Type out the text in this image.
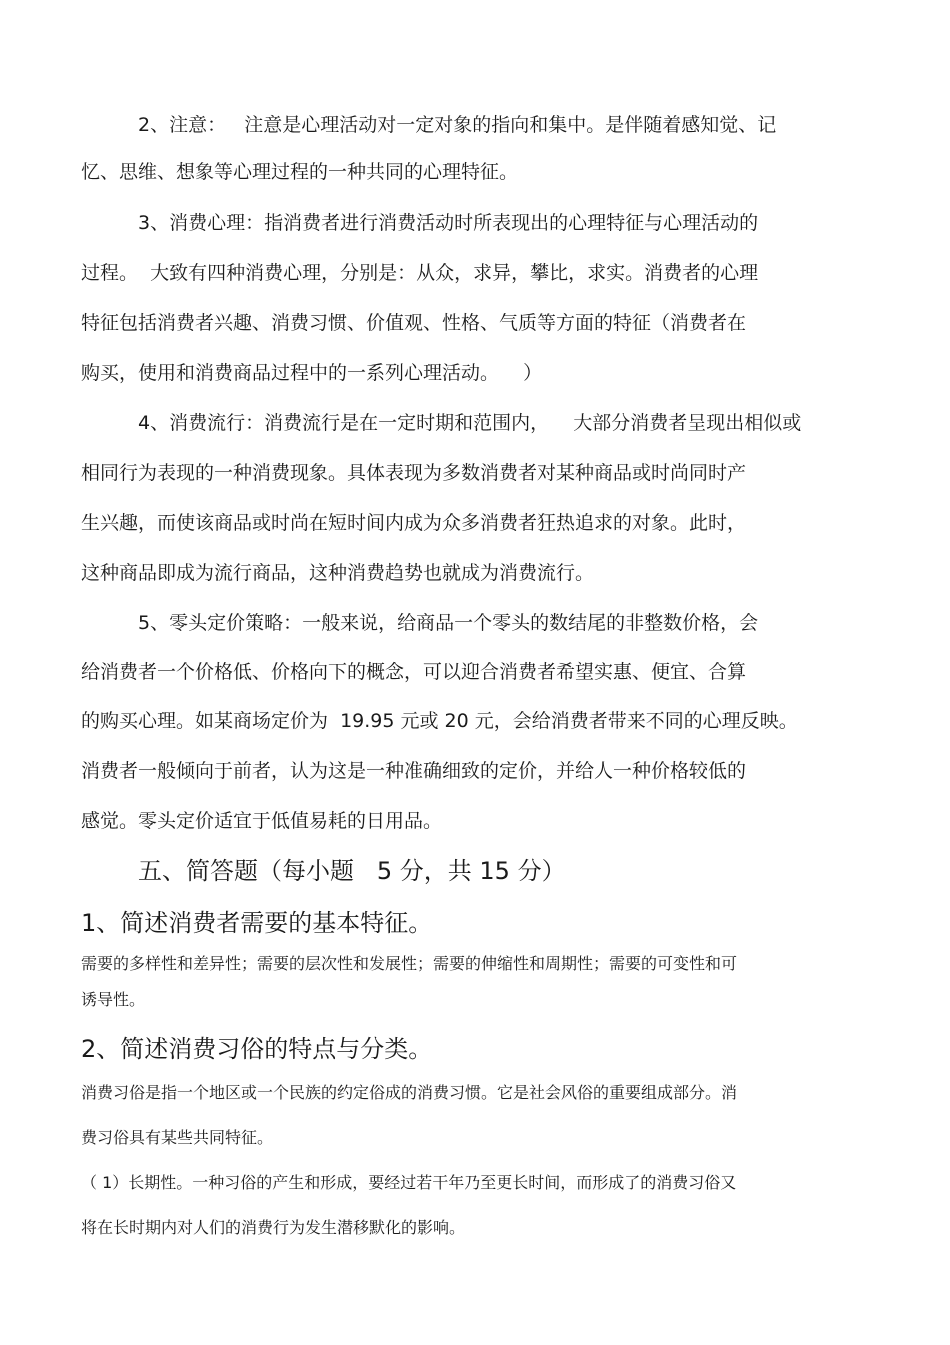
2、注意：   注意是心理活动对一定对象的指向和集中。是伴随着感知觉、记

忆、思维、想象等心理过程的一种共同的心理特征。

3、消费心理：指消费者进行消费活动时所表现出的心理特征与心理活动的

过程。  大致有四种消费心理，分别是：从众，求异，攀比，求实。消费者的心理

特征包括消费者兴趣、消费习惯、价值观、性格、气质等方面的特征（消费者在

购买，使用和消费商品过程中的一系列心理活动。    ）

4、消费流行：消费流行是在一定时期和范围内，    大部分消费者呈现出相似或

相同行为表现的一种消费现象。具体表现为多数消费者对某种商品或时尚同时产

生兴趣，而使该商品或时尚在短时间内成为众多消费者狂热追求的对象。此时，

这种商品即成为流行商品，这种消费趋势也就成为消费流行。

5、零头定价策略：一般来说，给商品一个零头的数结尾的非整数价格，会

给消费者一个价格低、价格向下的概念，可以迎合消费者希望实惠、便宜、合算

的购买心理。如某商场定价为  19.95 元或 20 元，会给消费者带来不同的心理反映。

消费者一般倾向于前者，认为这是一种准确细致的定价，并给人一种价格较低的

感觉。零头定价适宜于低值易耗的日用品。

五、简答题（每小题   5 分，共 15 分）

1、简述消费者需要的基本特征。

需要的多样性和差异性；需要的层次性和发展性；需要的伸缩性和周期性；需要的可变性和可

诱导性。

2、简述消费习俗的特点与分类。

消费习俗是指一个地区或一个民族的约定俗成的消费习惯。它是社会风俗的重要组成部分。消

费习俗具有某些共同特征。

（ 1）长期性。一种习俗的产生和形成，要经过若干年乃至更长时间，而形成了的消费习俗又

将在长时期内对人们的消费行为发生潜移默化的影响。
